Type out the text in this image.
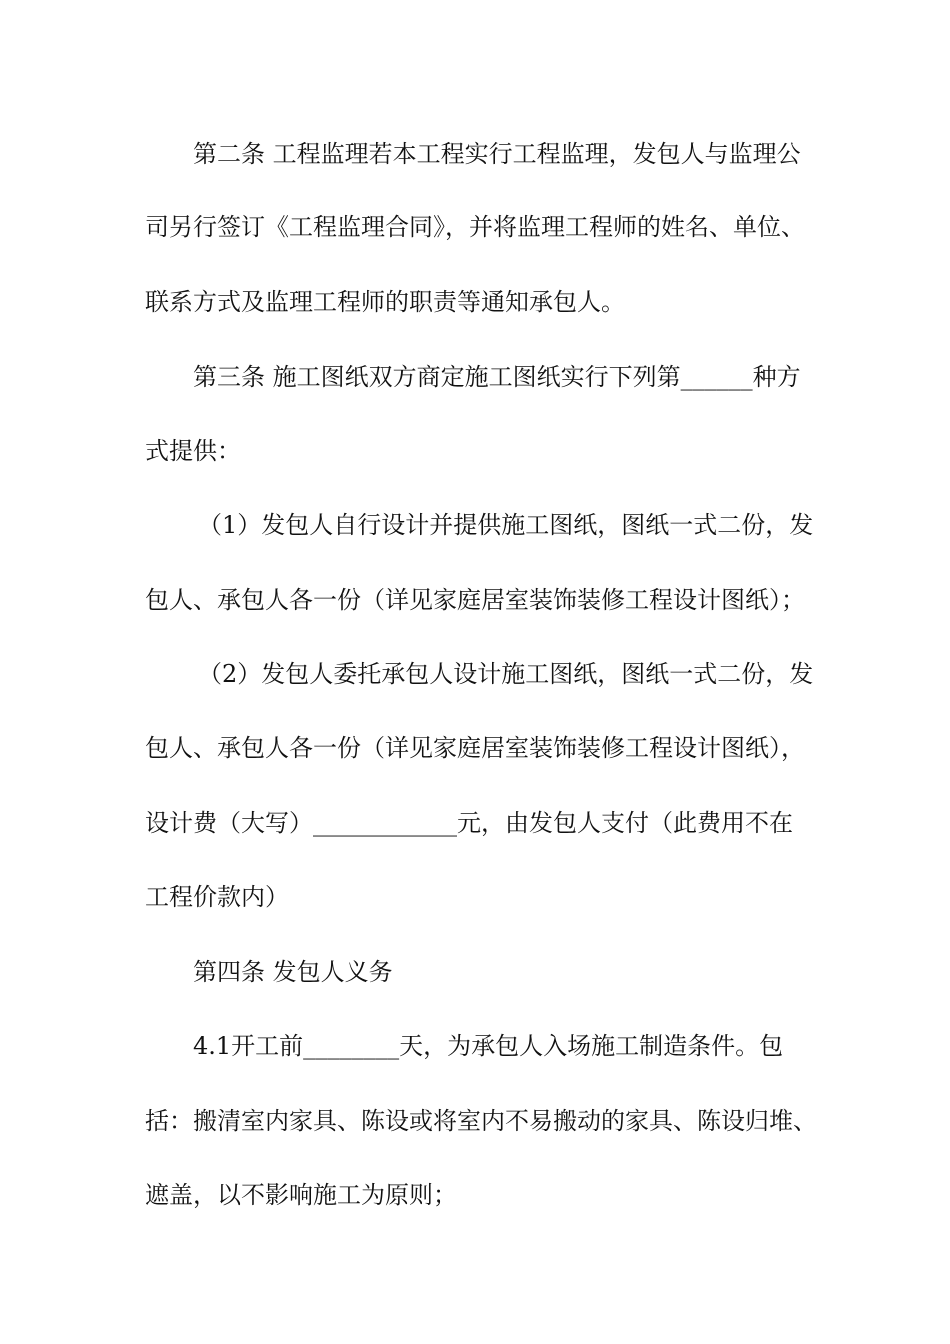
第二条 工程监理若本工程实行工程监理，发包人与监理公
司另行签订《工程监理合同》，并将监理工程师的姓名、单位、
联系方式及监理工程师的职责等通知承包人。
第三条 施工图纸双方商定施工图纸实行下列第______种方
式提供：
（1）发包人自行设计并提供施工图纸，图纸一式二份，发
包人、承包人各一份（详见家庭居室装饰装修工程设计图纸）；
（2）发包人委托承包人设计施工图纸，图纸一式二份，发
包人、承包人各一份（详见家庭居室装饰装修工程设计图纸），
设计费（大写）____________元，由发包人支付（此费用不在
工程价款内）
第四条 发包人义务
4.1开工前________天，为承包人入场施工制造条件。包
括：搬清室内家具、陈设或将室内不易搬动的家具、陈设归堆、
遮盖，以不影响施工为原则；
